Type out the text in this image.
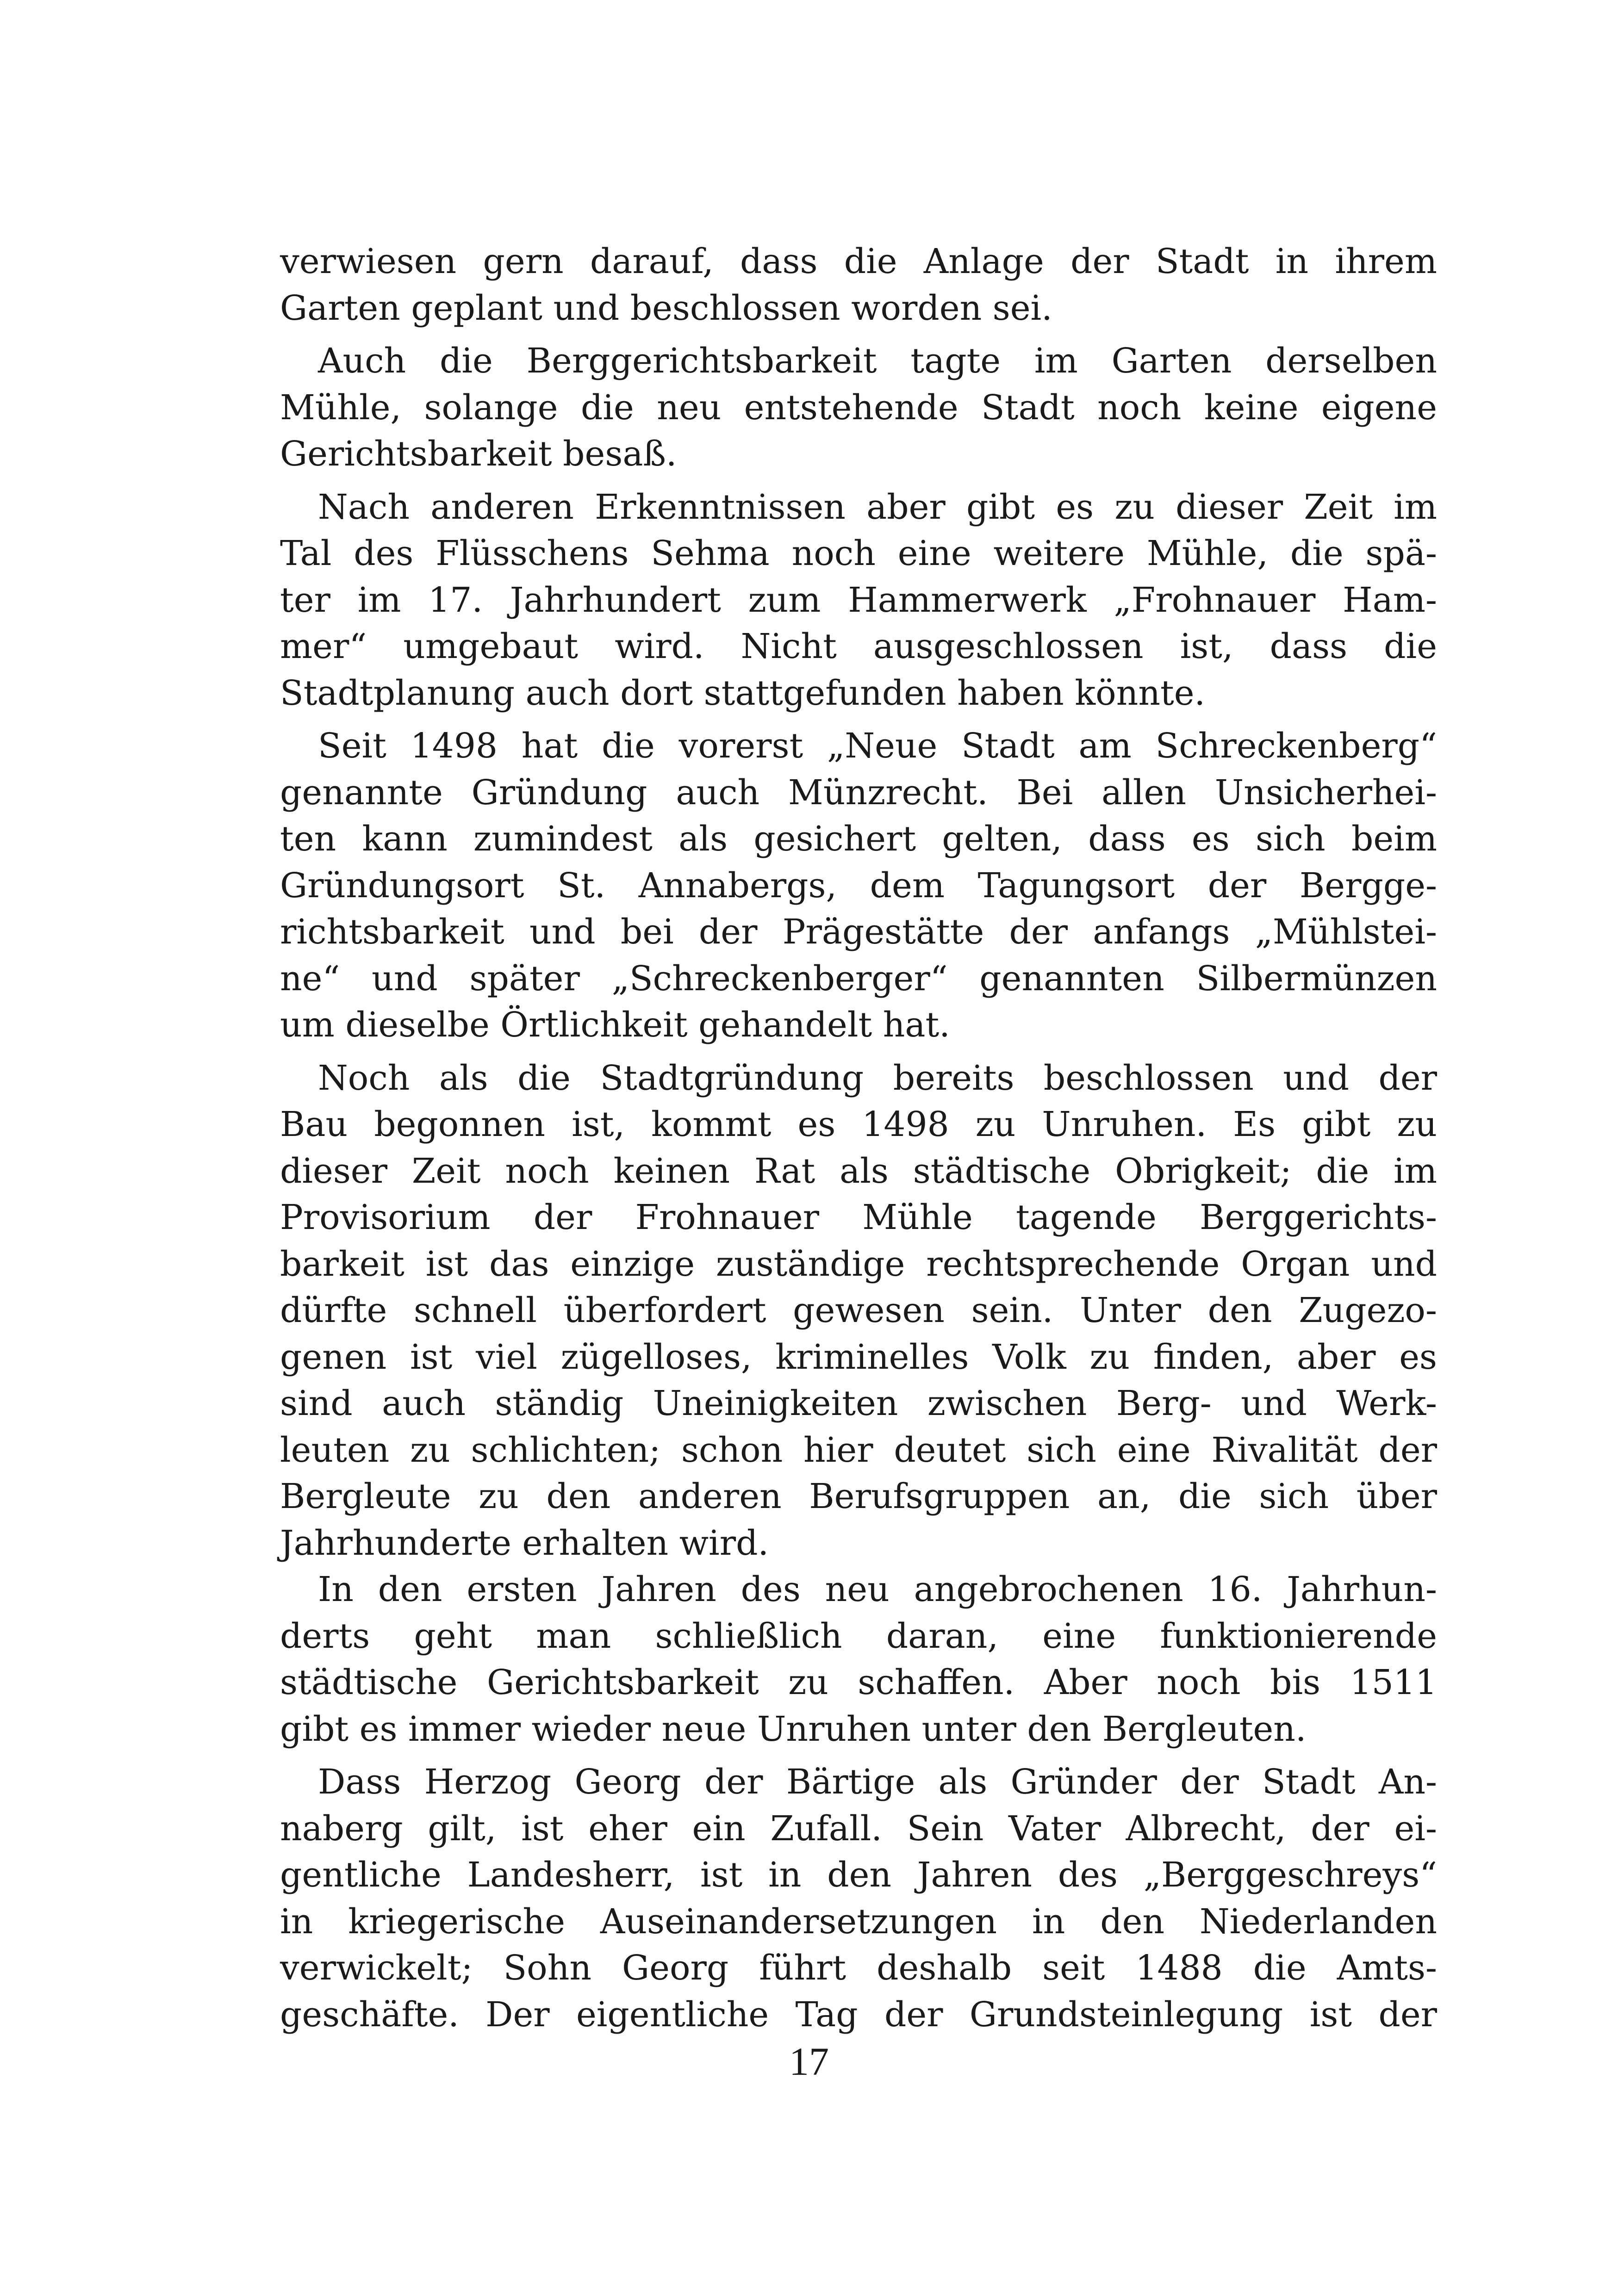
verwiesen gern darauf, dass die Anlage der Stadt in ihrem
Garten geplant und beschlossen worden sei.
Auch die Berggerichtsbarkeit tagte im Garten derselben
Mühle, solange die neu entstehende Stadt noch keine eigene
Gerichtsbarkeit besaß.
Nach anderen Erkenntnissen aber gibt es zu dieser Zeit im
Tal des Flüsschens Sehma noch eine weitere Mühle, die spä-
ter im 17. Jahrhundert zum Hammerwerk „Frohnauer Ham-
mer“ umgebaut wird. Nicht ausgeschlossen ist, dass die
Stadtplanung auch dort stattgefunden haben könnte.
Seit 1498 hat die vorerst „Neue Stadt am Schreckenberg“
genannte Gründung auch Münzrecht. Bei allen Unsicherhei-
ten kann zumindest als gesichert gelten, dass es sich beim
Gründungsort St. Annabergs, dem Tagungsort der Bergge-
richtsbarkeit und bei der Prägestätte der anfangs „Mühlstei-
ne“ und später „Schreckenberger“ genannten Silbermünzen
um dieselbe Örtlichkeit gehandelt hat.
Noch als die Stadtgründung bereits beschlossen und der
Bau begonnen ist, kommt es 1498 zu Unruhen. Es gibt zu
dieser Zeit noch keinen Rat als städtische Obrigkeit; die im
Provisorium der Frohnauer Mühle tagende Berggerichts-
barkeit ist das einzige zuständige rechtsprechende Organ und
dürfte schnell überfordert gewesen sein. Unter den Zugezo-
genen ist viel zügelloses, kriminelles Volk zu finden, aber es
sind auch ständig Uneinigkeiten zwischen Berg- und Werk-
leuten zu schlichten; schon hier deutet sich eine Rivalität der
Bergleute zu den anderen Berufsgruppen an, die sich über
Jahrhunderte erhalten wird.
In den ersten Jahren des neu angebrochenen 16. Jahrhun-
derts geht man schließlich daran, eine funktionierende
städtische Gerichtsbarkeit zu schaffen. Aber noch bis 1511
gibt es immer wieder neue Unruhen unter den Bergleuten.
Dass Herzog Georg der Bärtige als Gründer der Stadt An-
naberg gilt, ist eher ein Zufall. Sein Vater Albrecht, der ei-
gentliche Landesherr, ist in den Jahren des „Berggeschreys“
in kriegerische Auseinandersetzungen in den Niederlanden
verwickelt; Sohn Georg führt deshalb seit 1488 die Amts-
geschäfte. Der eigentliche Tag der Grundsteinlegung ist der
17
